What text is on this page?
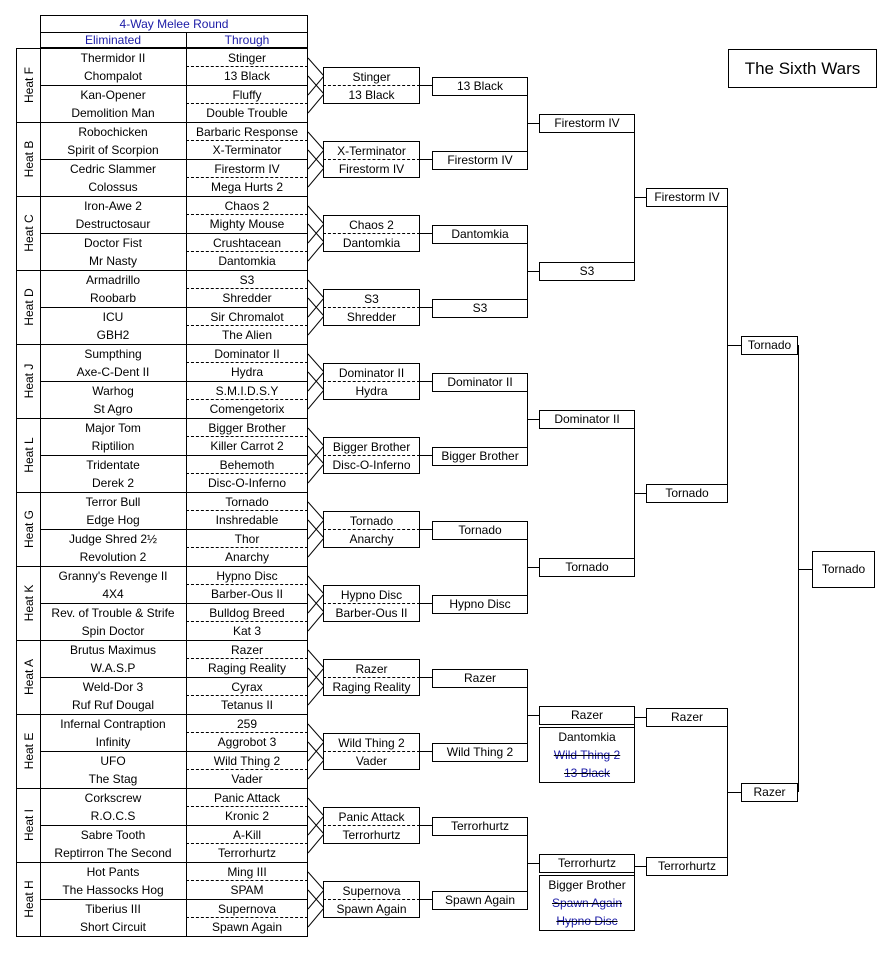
The Sixth Wars
4-Way Melee Round
Eliminated	Through
Heat F
Thermidor II
Chompalot
Stinger
13 Black
Kan-Opener
Demolition Man
Fluffy
Double Trouble
Stinger
13 Black
13 Black
Heat B
Robochicken
Spirit of Scorpion
Barbaric Response
X-Terminator
Cedric Slammer
Colossus
Firestorm IV
Mega Hurts 2
X-Terminator
Firestorm IV
Firestorm IV
Heat C
Iron-Awe 2
Destructosaur
Chaos 2
Mighty Mouse
Doctor Fist
Mr Nasty
Crushtacean
Dantomkia
Chaos 2
Dantomkia
Dantomkia
Heat D
Armadrillo
Roobarb
S3
Shredder
ICU
GBH2
Sir Chromalot
The Alien
S3
Shredder
S3
Heat J
Sumpthing
Axe-C-Dent II
Dominator II
Hydra
Warhog
St Agro
S.M.I.D.S.Y
Comengetorix
Dominator II
Hydra
Dominator II
Heat L
Major Tom
Riptilion
Bigger Brother
Killer Carrot 2
Tridentate
Derek 2
Behemoth
Disc-O-Inferno
Bigger Brother
Disc-O-Inferno
Bigger Brother
Heat G
Terror Bull
Edge Hog
Tornado
Inshredable
Judge Shred 2½
Revolution 2
Thor
Anarchy
Tornado
Anarchy
Tornado
Heat K
Granny's Revenge II
4X4
Hypno Disc
Barber-Ous II
Rev. of Trouble & Strife
Spin Doctor
Bulldog Breed
Kat 3
Hypno Disc
Barber-Ous II
Hypno Disc
Heat A
Brutus Maximus
W.A.S.P
Razer
Raging Reality
Weld-Dor 3
Ruf Ruf Dougal
Cyrax
Tetanus II
Razer
Raging Reality
Razer
Heat E
Infernal Contraption
Infinity
259
Aggrobot 3
UFO
The Stag
Wild Thing 2
Vader
Wild Thing 2
Vader
Wild Thing 2
Heat I
Corkscrew
R.O.C.S
Panic Attack
Kronic 2
Sabre Tooth
Reptirron The Second
A-Kill
Terrorhurtz
Panic Attack
Terrorhurtz
Terrorhurtz
Heat H
Hot Pants
The Hassocks Hog
Ming III
SPAM
Tiberius III
Short Circuit
Supernova
Spawn Again
Supernova
Spawn Again
Spawn Again
Firestorm IV
S3
Dominator II
Tornado
Razer
Terrorhurtz
Dantomkia
Wild Thing 2
13 Black
Bigger Brother
Spawn Again
Hypno Disc
Firestorm IV
Tornado
Razer
Terrorhurtz
Tornado
Razer
Tornado
